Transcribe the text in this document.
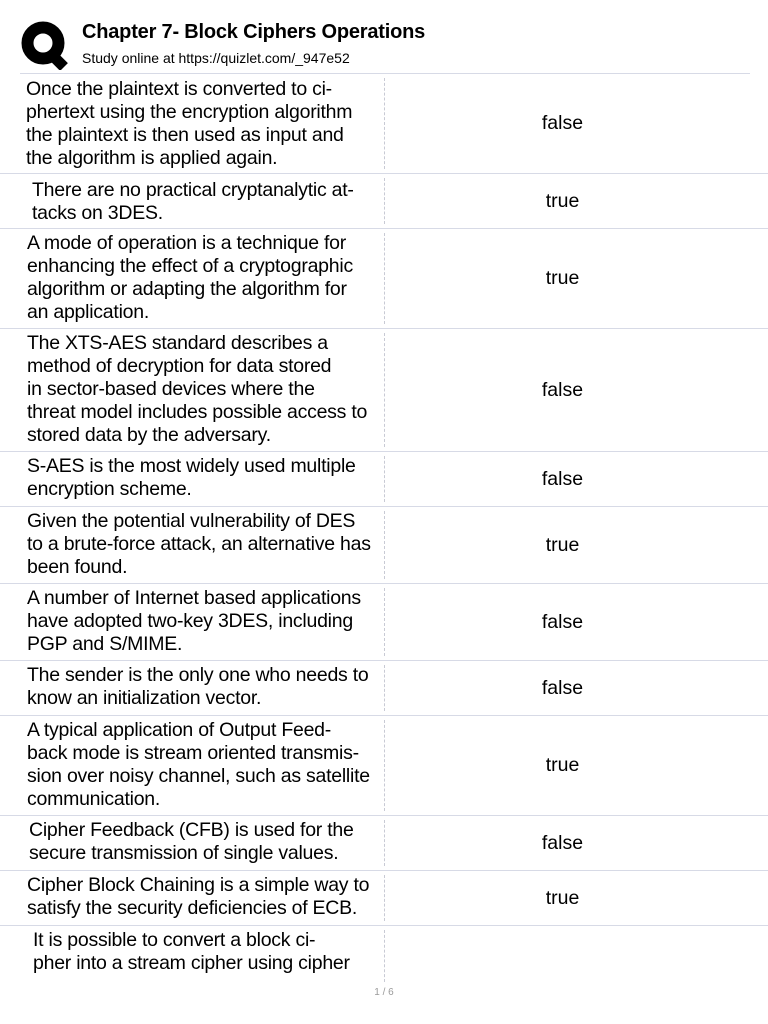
Chapter 7- Block Ciphers Operations
Study online at https://quizlet.com/_947e52
Once the plaintext is converted to ci-
phertext using the encryption algorithm
the plaintext is then used as input and
the algorithm is applied again.
false
There are no practical cryptanalytic at-
tacks on 3DES.
true
A mode of operation is a technique for
enhancing the effect of a cryptographic
algorithm or adapting the algorithm for
an application.
true
The XTS-AES standard describes a
method of decryption for data stored
in sector-based devices where the
threat model includes possible access to
stored data by the adversary.
false
S-AES is the most widely used multiple
encryption scheme.	false
Given the potential vulnerability of DES
to a brute-force attack, an alternative has
been found.
true
A number of Internet based applications
have adopted two-key 3DES, including
PGP and S/MIME.
false
The sender is the only one who needs to
know an initialization vector.	false
A typical application of Output Feed-
back mode is stream oriented transmis-
sion over noisy channel, such as satellite
communication.
true
Cipher Feedback (CFB) is used for the
secure transmission of single values.	false
Cipher Block Chaining is a simple way to
satisfy the security deficiencies of ECB.	true
It is possible to convert a block ci-
pher into a stream cipher using cipher
1 / 6
